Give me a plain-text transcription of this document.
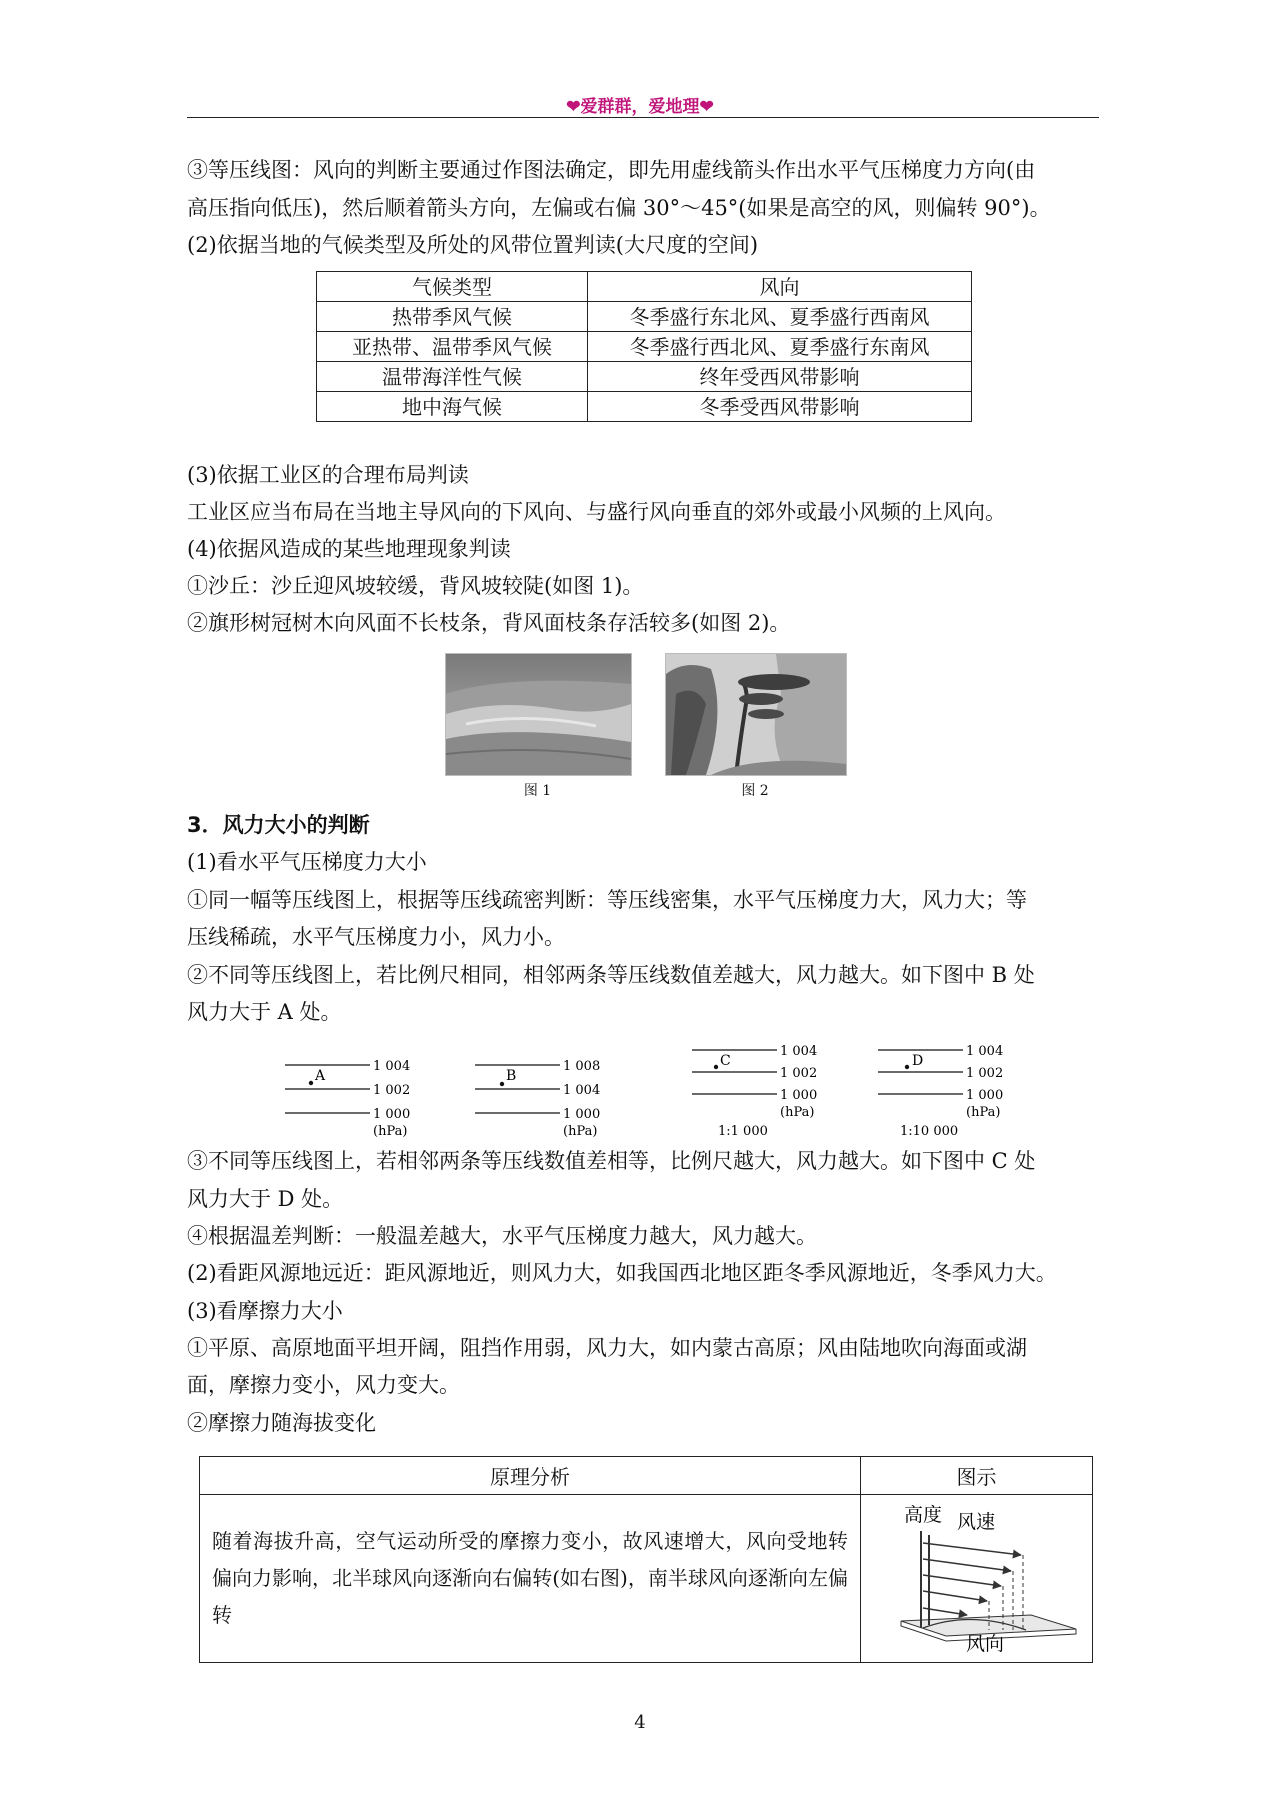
❤爱群群，爱地理❤
③等压线图：风向的判断主要通过作图法确定，即先用虚线箭头作出水平气压梯度力方向(由
高压指向低压)，然后顺着箭头方向，左偏或右偏 30°～45°(如果是高空的风，则偏转 90°)。
(2)依据当地的气候类型及所处的风带位置判读(大尺度的空间)
气候类型	风向
热带季风气候	冬季盛行东北风、夏季盛行西南风
亚热带、温带季风气候	冬季盛行西北风、夏季盛行东南风
温带海洋性气候	终年受西风带影响
地中海气候	冬季受西风带影响
(3)依据工业区的合理布局判读
工业区应当布局在当地主导风向的下风向、与盛行风向垂直的郊外或最小风频的上风向。
(4)依据风造成的某些地理现象判读
①沙丘：沙丘迎风坡较缓，背风坡较陡(如图 1)。
②旗形树冠树木向风面不长枝条，背风面枝条存活较多(如图 2)。
图 1	图 2
3．风力大小的判断
(1)看水平气压梯度力大小
①同一幅等压线图上，根据等压线疏密判断：等压线密集，水平气压梯度力大，风力大；等
压线稀疏，水平气压梯度力小，风力小。
②不同等压线图上，若比例尺相同，相邻两条等压线数值差越大，风力越大。如下图中 B 处
风力大于 A 处。
A
1 004
1 002
1 000
(hPa)
B
1 008
1 004
1 000
(hPa)
C
1 004
1 002
1 000
(hPa)
1:1 000
D
1 004
1 002
1 000
(hPa)
1:10 000
③不同等压线图上，若相邻两条等压线数值差相等，比例尺越大，风力越大。如下图中 C 处
风力大于 D 处。
④根据温差判断：一般温差越大，水平气压梯度力越大，风力越大。
(2)看距风源地远近：距风源地近，则风力大，如我国西北地区距冬季风源地近，冬季风力大。
(3)看摩擦力大小
①平原、高原地面平坦开阔，阻挡作用弱，风力大，如内蒙古高原；风由陆地吹向海面或湖
面，摩擦力变小，风力变大。
②摩擦力随海拔变化
原理分析	图示
随着海拔升高，空气运动所受的摩擦力变小，故风速增大，风向受地转偏向力影响，北半球风向逐渐向右偏转(如右图)，南半球风向逐渐向左偏转	高度 风速
风向
4
